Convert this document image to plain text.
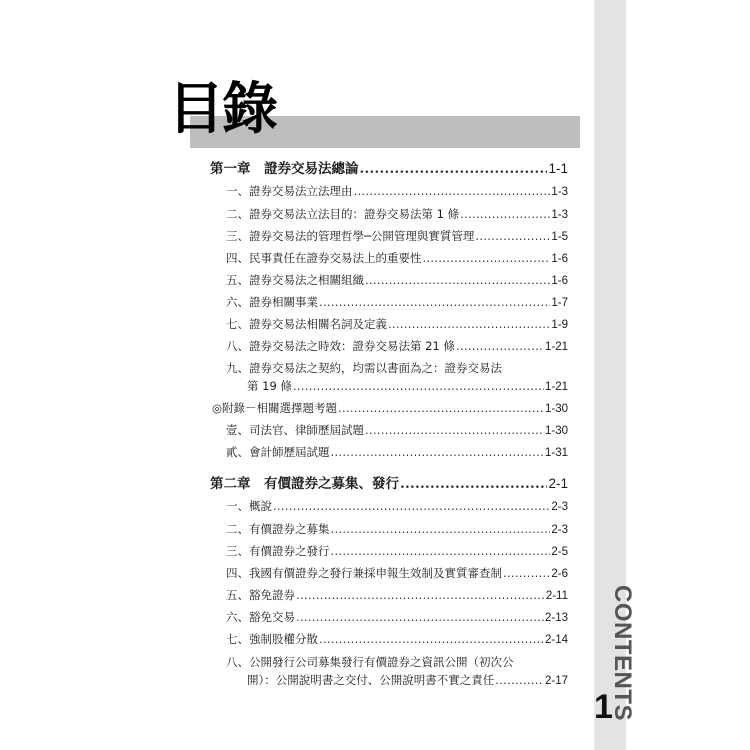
CONTENTS
1
目錄
第一章　證券交易法總論 .....	1-1
一、證券交易法立法理由 .....	1-3
二、證券交易法立法目的：證券交易法第 1 條 .....	1-3
三、證券交易法的管理哲學─公開管理與實質管理 .....	1-5
四、民事責任在證券交易法上的重要性 .....	1-6
五、證券交易法之相關組織 .....	1-6
六、證券相關事業 .....	1-7
七、證券交易法相關名詞及定義 .....	1-9
八、證券交易法之時效：證券交易法第 21 條 .....	1-21
九、證券交易法之契約，均需以書面為之：證券交易法
第 19 條 .....	1-21
◎附錄－相關選擇題考題 .....	1-30
壹、司法官、律師歷屆試題 .....	1-30
貳、會計師歷屆試題 .....	1-31
第二章　有價證券之募集、發行 .....	2-1
一、概說 .....	2-3
二、有價證券之募集 .....	2-3
三、有價證券之發行 .....	2-5
四、我國有價證券之發行兼採申報生效制及實質審查制 .....	2-6
五、豁免證券 .....	2-11
六、豁免交易 .....	2-13
七、強制股權分散 .....	2-14
八、公開發行公司募集發行有價證券之資訊公開（初次公
開）：公開說明書之交付、公開說明書不實之責任 .....	2-17
